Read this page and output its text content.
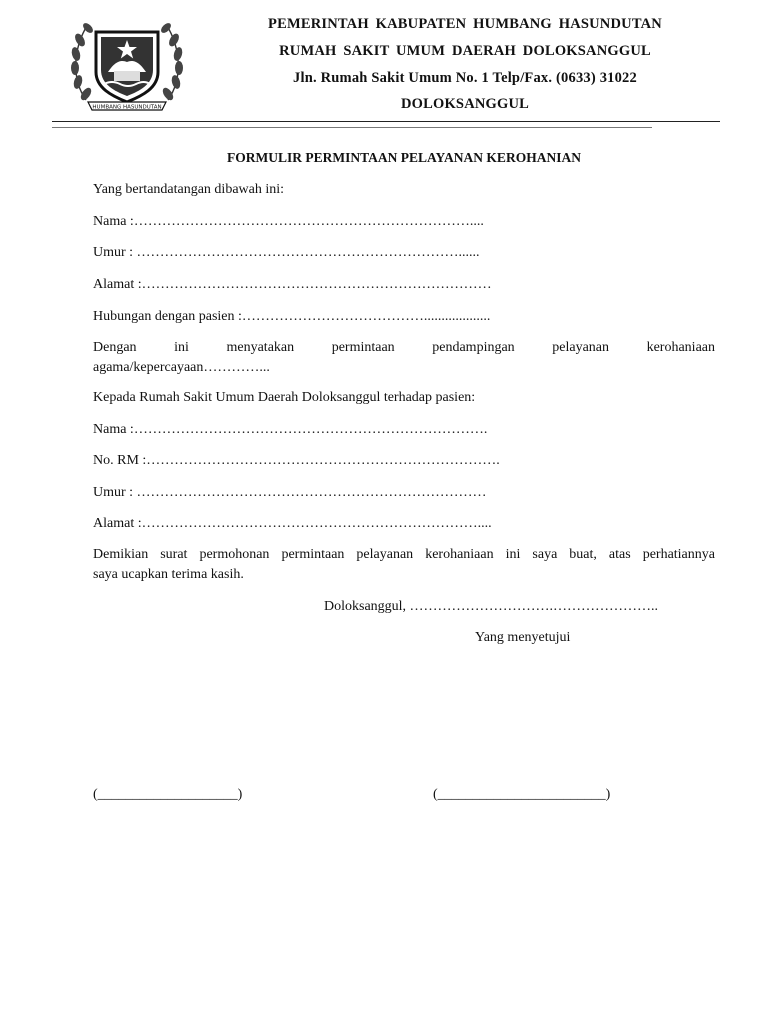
HUMBANG HASUNDUTAN
PEMERINTAH KABUPATEN HUMBANG HASUNDUTAN
RUMAH SAKIT UMUM DAERAH DOLOKSANGGUL
Jln. Rumah Sakit Umum No. 1 Telp/Fax. (0633) 31022
DOLOKSANGGUL
FORMULIR PERMINTAAN PELAYANAN KEROHANIAN
Yang bertandatangan dibawah ini:
Nama :………………………………………………………………....
Umur : ……………………………………………………………......
Alamat :…………………………………………………………………
Hubungan dengan pasien :…………………………………...................
Dengan ini menyatakan permintaan pendampingan pelayanan kerohaniaan
agama/kepercayaan…………...
Kepada Rumah Sakit Umum Daerah Doloksanggul terhadap pasien:
Nama :………………………………………………………………….
No. RM :………………………………………………………………….
Umur : …………………………………………………………………
Alamat :………………………………………………………………....
Demikian surat permohonan permintaan pelayanan kerohaniaan ini saya buat, atas perhatiannya
saya ucapkan terima kasih.
Doloksanggul, ………………………….…………………..
Yang menyetujui
(____________________)	(________________________)
